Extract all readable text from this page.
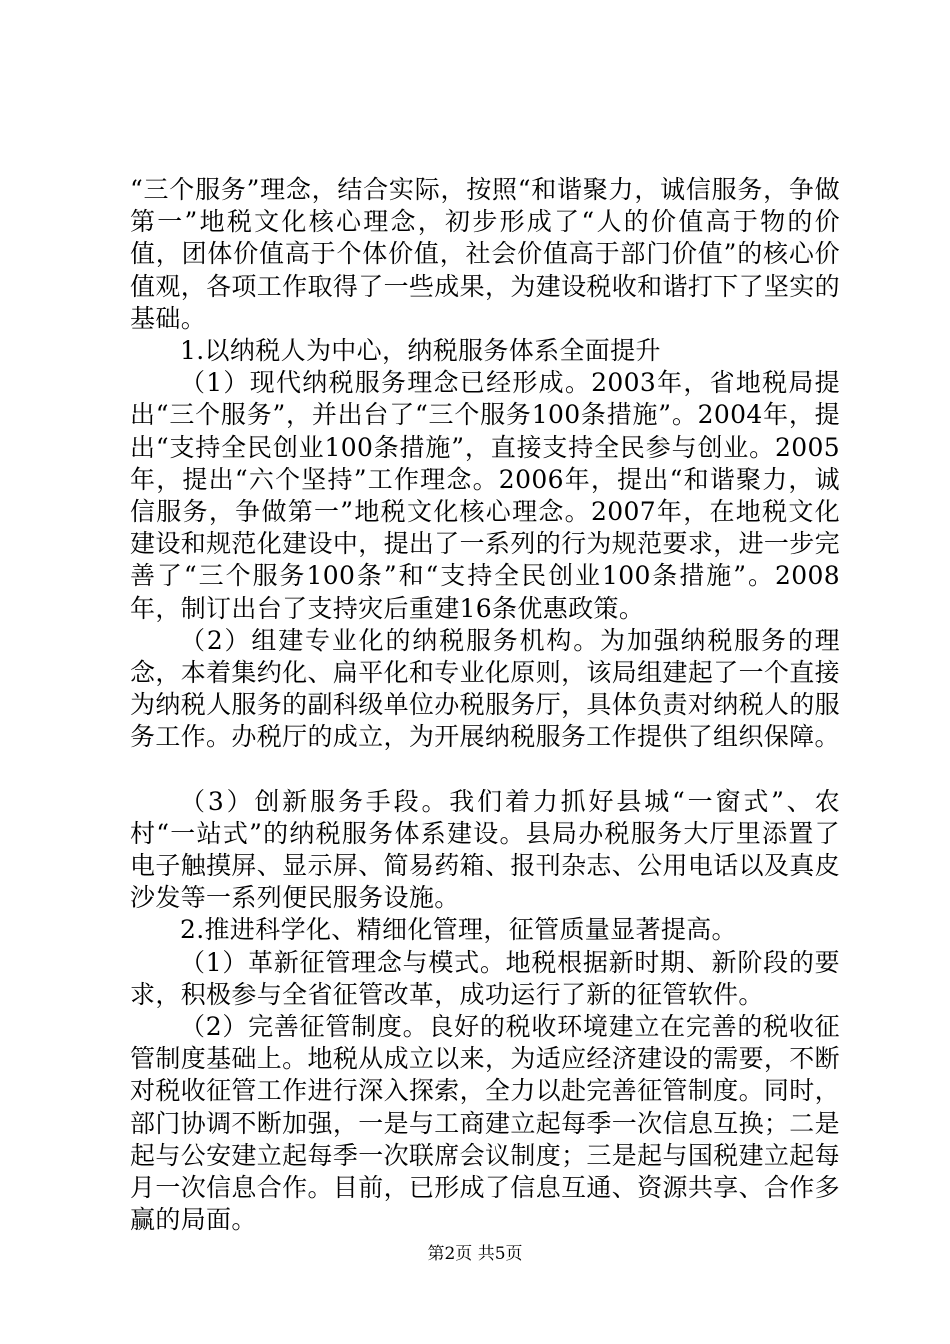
“三个服务”理念，结合实际，按照“和谐聚力，诚信服务，争做第一”地税文化核心理念，初步形成了“人的价值高于物的价值，团体价值高于个体价值，社会价值高于部门价值”的核心价值观，各项工作取得了一些成果，为建设税收和谐打下了坚实的基础。

1.以纳税人为中心，纳税服务体系全面提升

（1）现代纳税服务理念已经形成。2003年，省地税局提出“三个服务”，并出台了“三个服务100条措施”。2004年，提出“支持全民创业100条措施”，直接支持全民参与创业。2005年，提出“六个坚持”工作理念。2006年，提出“和谐聚力，诚信服务，争做第一”地税文化核心理念。2007年，在地税文化建设和规范化建设中，提出了一系列的行为规范要求，进一步完善了“三个服务100条”和“支持全民创业100条措施”。2008年，制订出台了支持灾后重建16条优惠政策。

（2）组建专业化的纳税服务机构。为加强纳税服务的理念，本着集约化、扁平化和专业化原则，该局组建起了一个直接为纳税人服务的副科级单位办税服务厅，具体负责对纳税人的服务工作。办税厅的成立，为开展纳税服务工作提供了组织保障。

（3）创新服务手段。我们着力抓好县城“一窗式”、农村“一站式”的纳税服务体系建设。县局办税服务大厅里添置了电子触摸屏、显示屏、简易药箱、报刊杂志、公用电话以及真皮沙发等一系列便民服务设施。

2.推进科学化、精细化管理，征管质量显著提高。

（1）革新征管理念与模式。地税根据新时期、新阶段的要求，积极参与全省征管改革，成功运行了新的征管软件。

（2）完善征管制度。良好的税收环境建立在完善的税收征管制度基础上。地税从成立以来，为适应经济建设的需要，不断对税收征管工作进行深入探索，全力以赴完善征管制度。同时，部门协调不断加强，一是与工商建立起每季一次信息互换；二是起与公安建立起每季一次联席会议制度；三是起与国税建立起每月一次信息合作。目前，已形成了信息互通、资源共享、合作多赢的局面。

第2页 共5页
